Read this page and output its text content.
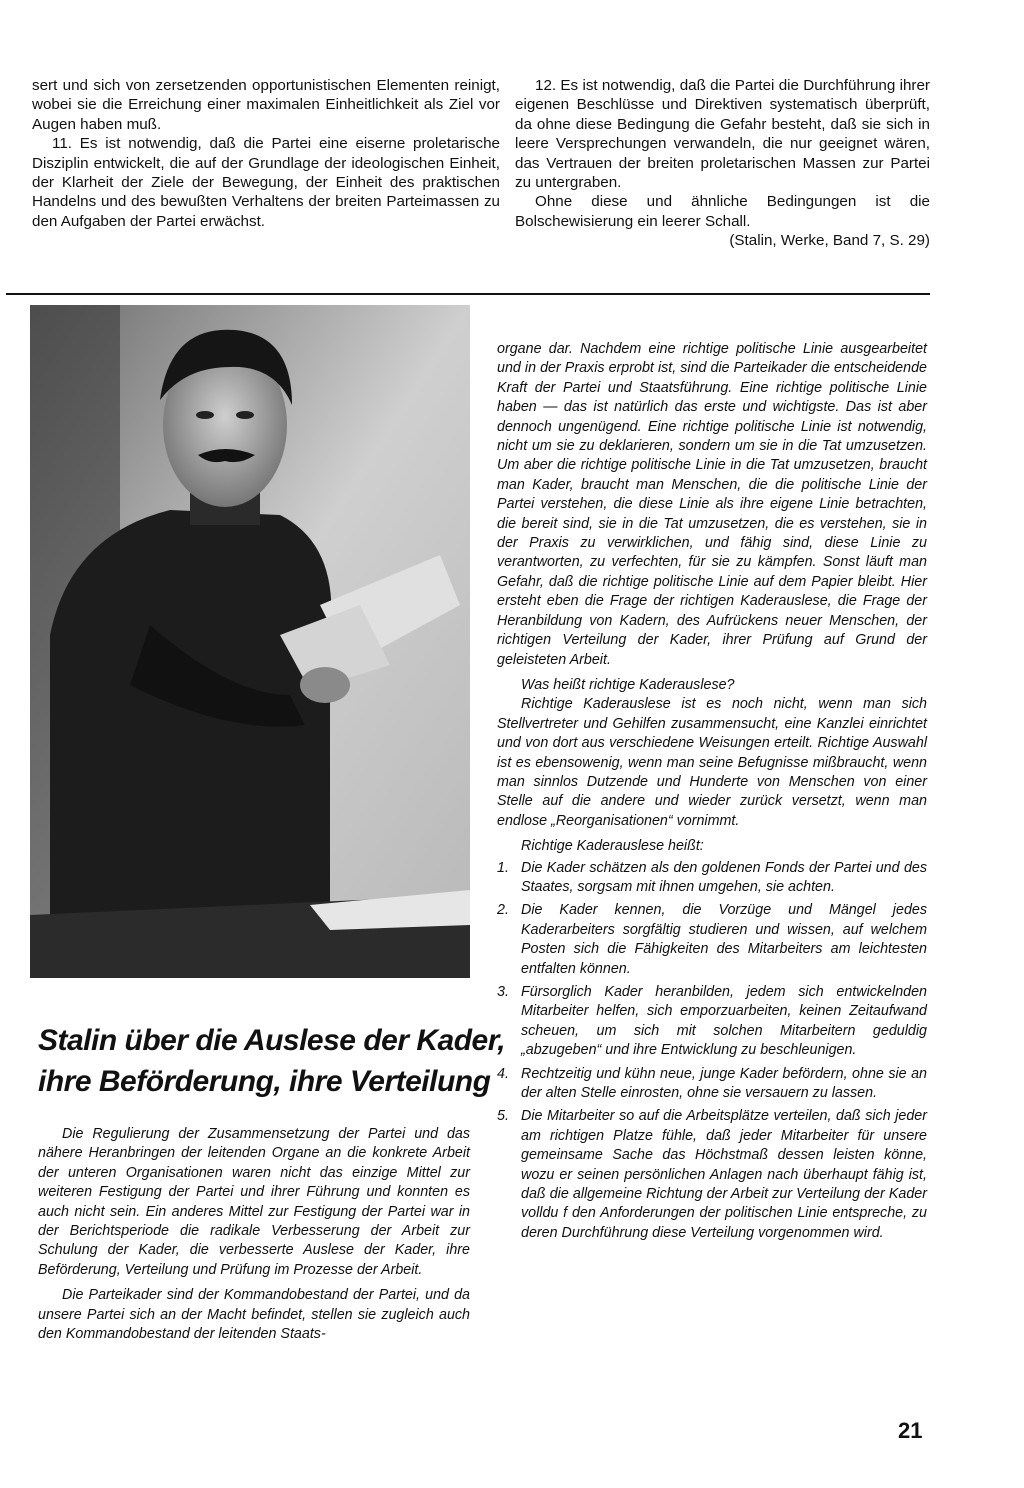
sert und sich von zersetzenden opportunistischen Elementen reinigt, wobei sie die Erreichung einer maximalen Einheitlichkeit als Ziel vor Augen haben muß.

11. Es ist notwendig, daß die Partei eine eiserne proletarische Disziplin entwickelt, die auf der Grundlage der ideologischen Einheit, der Klarheit der Ziele der Bewegung, der Einheit des praktischen Handelns und des bewußten Verhaltens der breiten Parteimassen zu den Aufgaben der Partei erwächst.

12. Es ist notwendig, daß die Partei die Durchführung ihrer eigenen Beschlüsse und Direktiven systematisch überprüft, da ohne diese Bedingung die Gefahr besteht, daß sie sich in leere Versprechungen verwandeln, die nur geeignet wären, das Vertrauen der breiten proletarischen Massen zur Partei zu untergraben.

Ohne diese und ähnliche Bedingungen ist die Bolschewisierung ein leerer Schall.

(Stalin, Werke, Band 7, S. 29)

Stalin über die Auslese der Kader,
ihre Beförderung, ihre Verteilung

Die Regulierung der Zusammensetzung der Partei und das nähere Heranbringen der leitenden Organe an die konkrete Arbeit der unteren Organisationen waren nicht das einzige Mittel zur weiteren Festigung der Partei und ihrer Führung und konnten es auch nicht sein. Ein anderes Mittel zur Festigung der Partei war in der Berichtsperiode die radikale Verbesserung der Arbeit zur Schulung der Kader, die verbesserte Auslese der Kader, ihre Beförderung, Verteilung und Prüfung im Prozesse der Arbeit.

Die Parteikader sind der Kommandobestand der Partei, und da unsere Partei sich an der Macht befindet, stellen sie zugleich auch den Kommandobestand der leitenden Staats-

organe dar. Nachdem eine richtige politische Linie ausgearbeitet und in der Praxis erprobt ist, sind die Parteikader die entscheidende Kraft der Partei und Staatsführung. Eine richtige politische Linie haben — das ist natürlich das erste und wichtigste. Das ist aber dennoch ungenügend. Eine richtige politische Linie ist notwendig, nicht um sie zu deklarieren, sondern um sie in die Tat umzusetzen. Um aber die richtige politische Linie in die Tat umzusetzen, braucht man Kader, braucht man Menschen, die die politische Linie der Partei verstehen, die diese Linie als ihre eigene Linie betrachten, die bereit sind, sie in die Tat umzusetzen, die es verstehen, sie in der Praxis zu verwirklichen, und fähig sind, diese Linie zu verantworten, zu verfechten, für sie zu kämpfen. Sonst läuft man Gefahr, daß die richtige politische Linie auf dem Papier bleibt. Hier ersteht eben die Frage der richtigen Kaderauslese, die Frage der Heranbildung von Kadern, des Aufrückens neuer Menschen, der richtigen Verteilung der Kader, ihrer Prüfung auf Grund der geleisteten Arbeit.

Was heißt richtige Kaderauslese?

Richtige Kaderauslese ist es noch nicht, wenn man sich Stellvertreter und Gehilfen zusammensucht, eine Kanzlei einrichtet und von dort aus verschiedene Weisungen erteilt. Richtige Auswahl ist es ebensowenig, wenn man seine Befugnisse mißbraucht, wenn man sinnlos Dutzende und Hunderte von Menschen von einer Stelle auf die andere und wieder zurück versetzt, wenn man endlose „Reorganisationen“ vornimmt.

Richtige Kaderauslese heißt:

1. Die Kader schätzen als den goldenen Fonds der Partei und des Staates, sorgsam mit ihnen umgehen, sie achten.
2. Die Kader kennen, die Vorzüge und Mängel jedes Kaderarbeiters sorgfältig studieren und wissen, auf welchem Posten sich die Fähigkeiten des Mitarbeiters am leichtesten entfalten können.
3. Fürsorglich Kader heranbilden, jedem sich entwickelnden Mitarbeiter helfen, sich emporzuarbeiten, keinen Zeitaufwand scheuen, um sich mit solchen Mitarbeitern geduldig „abzugeben“ und ihre Entwicklung zu beschleunigen.
4. Rechtzeitig und kühn neue, junge Kader befördern, ohne sie an der alten Stelle einrosten, ohne sie versauern zu lassen.
5. Die Mitarbeiter so auf die Arbeitsplätze verteilen, daß sich jeder am richtigen Platze fühle, daß jeder Mitarbeiter für unsere gemeinsame Sache das Höchstmaß dessen leisten könne, wozu er seinen persönlichen Anlagen nach überhaupt fähig ist, daß die allgemeine Richtung der Arbeit zur Verteilung der Kader volldu f den Anforderungen der politischen Linie entspreche, zu deren Durchführung diese Verteilung vorgenommen wird.
21
